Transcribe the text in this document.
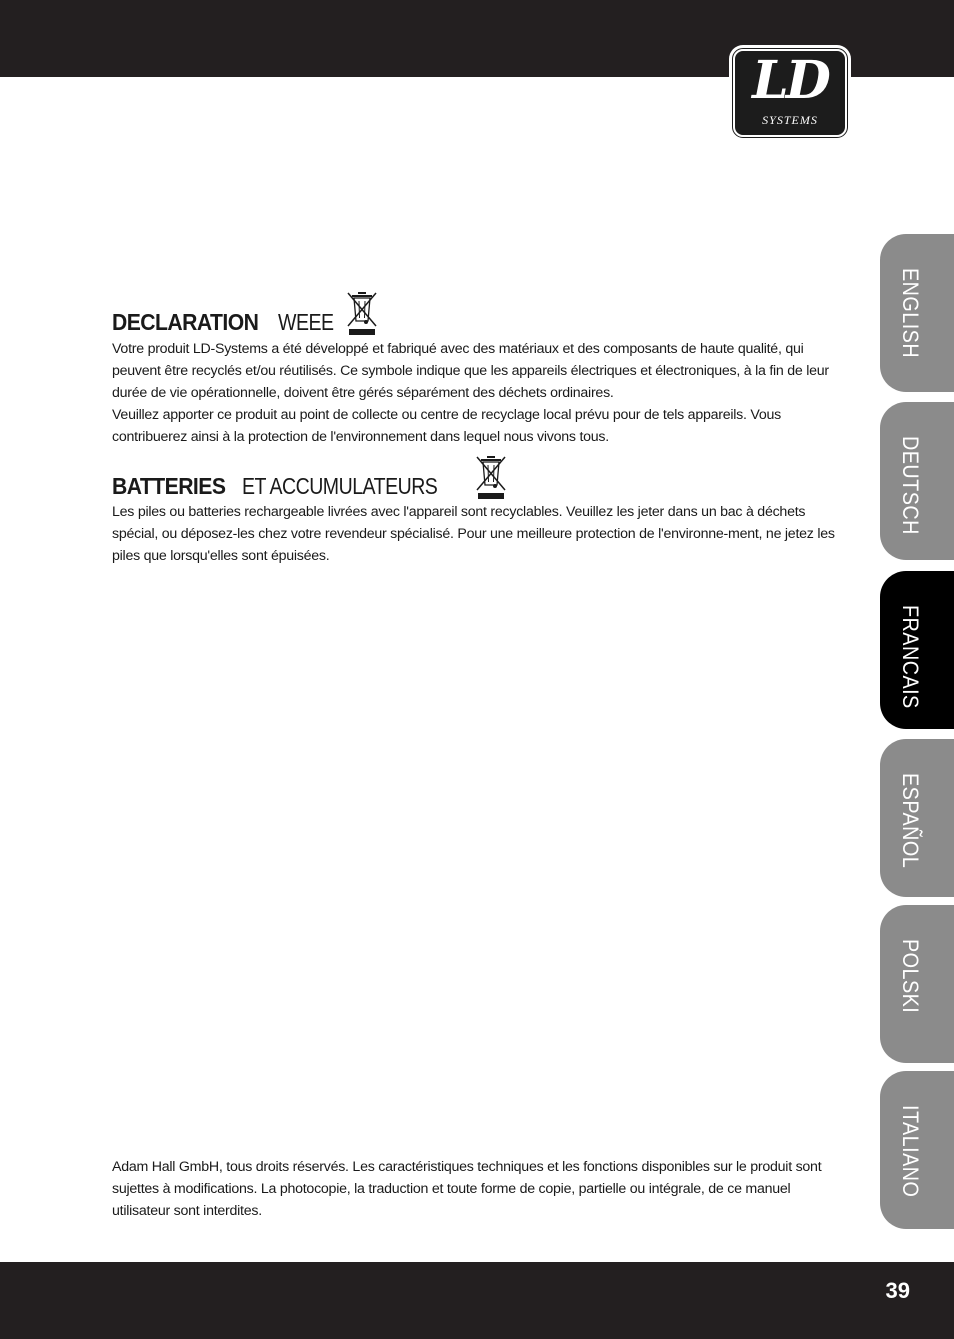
LD
SYSTEMS
DECLARATION WEEE

Votre produit LD-Systems a été développé et fabriqué avec des matériaux et des composants de haute qualité, qui peuvent être recyclés et/ou réutilisés. Ce symbole indique que les appareils électriques et électroniques, à la fin de leur durée de vie opérationnelle, doivent être gérés séparément des déchets ordinaires.

Veuillez apporter ce produit au point de collecte ou centre de recyclage local prévu pour de tels appareils. Vous contribuerez ainsi à la protection de l'environnement dans lequel nous vivons tous.

BATTERIES ET ACCUMULATEURS

Les piles ou batteries rechargeable livrées avec l'appareil sont recyclables. Veuillez les jeter dans un bac à déchets spécial, ou déposez-les chez votre revendeur spécialisé. Pour une meilleure protection de l'environne-ment, ne jetez les piles que lorsqu'elles sont épuisées.

Adam Hall GmbH, tous droits réservés. Les caractéristiques techniques et les fonctions disponibles sur le produit sont sujettes à modifications. La photocopie, la traduction et toute forme de copie, partielle ou intégrale, de ce manuel utilisateur sont interdites.
ENGLISH
DEUTSCH
FRANCAIS
ESPAÑOL
POLSKI
ITALIANO
39
